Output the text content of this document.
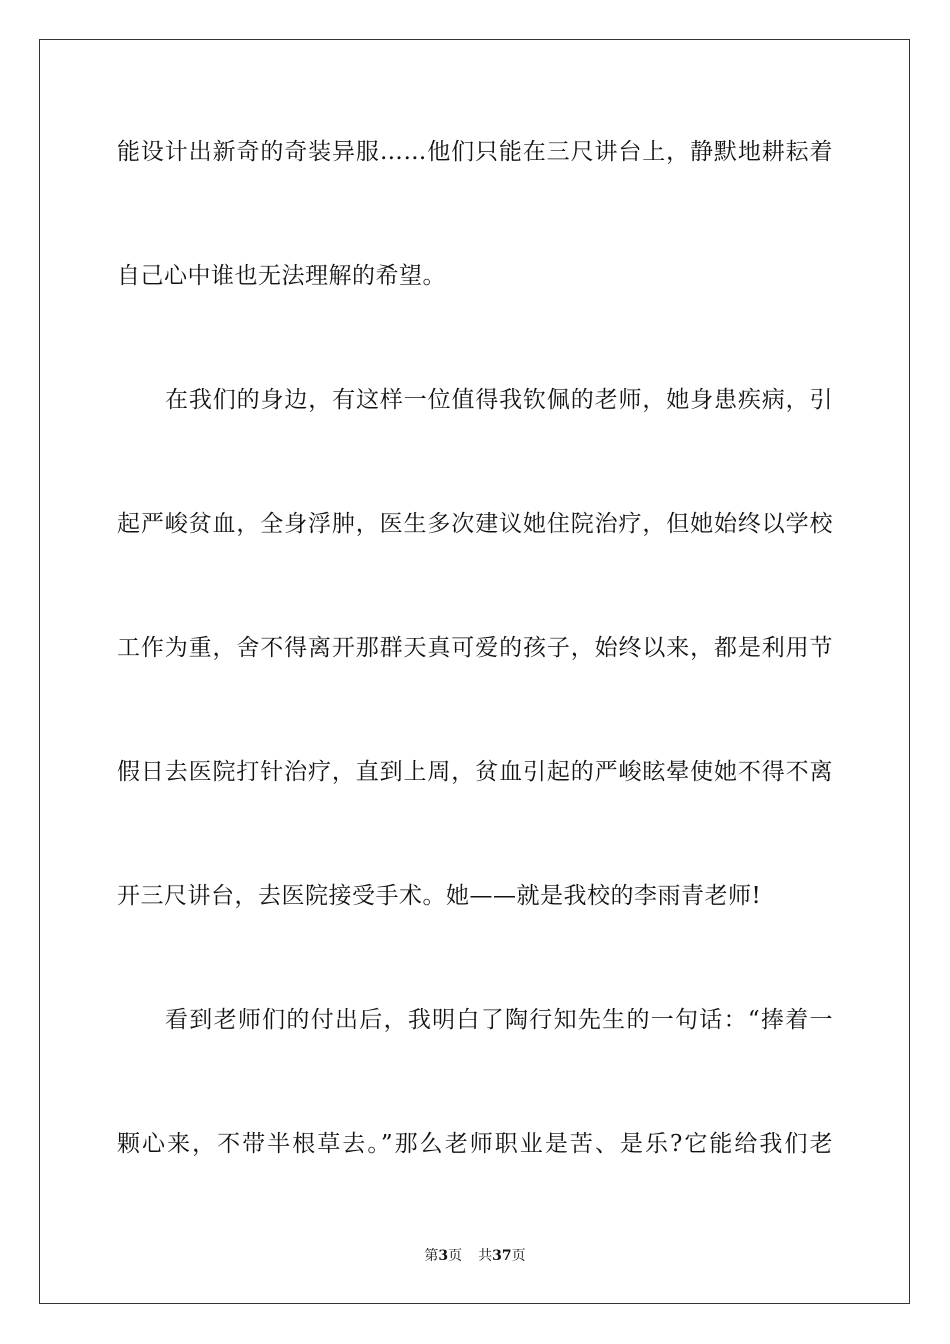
能设计出新奇的奇装异服……他们只能在三尺讲台上，静默地耕耘着
自己心中谁也无法理解的希望。
在我们的身边，有这样一位值得我钦佩的老师，她身患疾病，引
起严峻贫血，全身浮肿，医生多次建议她住院治疗，但她始终以学校
工作为重，舍不得离开那群天真可爱的孩子，始终以来，都是利用节
假日去医院打针治疗，直到上周，贫血引起的严峻眩晕使她不得不离
开三尺讲台，去医院接受手术。她——就是我校的李雨青老师!
看到老师们的付出后，我明白了陶行知先生的一句话：“捧着一
颗心来，不带半根草去。”那么老师职业是苦、是乐?它能给我们老
第3页 共37页
